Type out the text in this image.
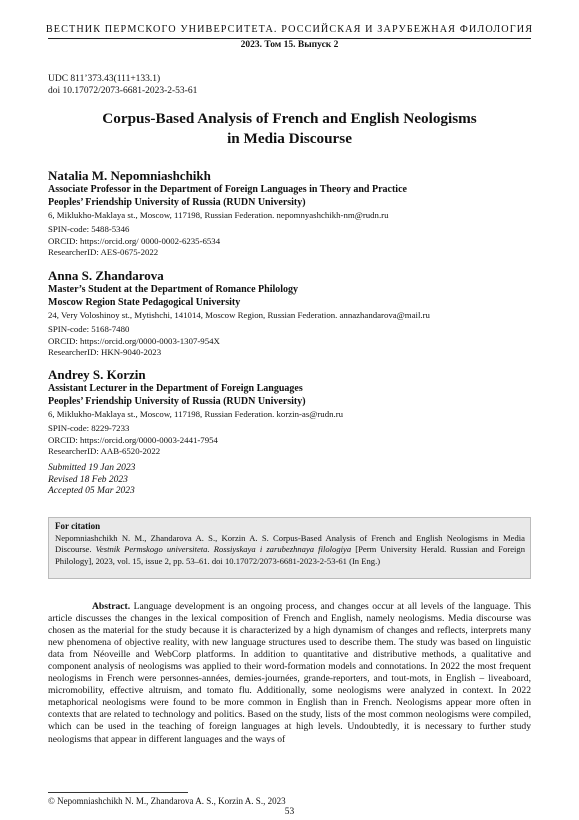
ВЕСТНИК ПЕРМСКОГО УНИВЕРСИТЕТА. РОССИЙСКАЯ И ЗАРУБЕЖНАЯ ФИЛОЛОГИЯ
2023. Том 15. Выпуск 2
UDC 811’373.43(111+133.1)
doi 10.17072/2073-6681-2023-2-53-61
Corpus-Based Analysis of French and English Neologisms
in Media Discourse
Natalia M. Nepomniashchikh
Associate Professor in the Department of Foreign Languages in Theory and Practice
Peoples’ Friendship University of Russia (RUDN University)
6, Miklukho-Maklaya st., Moscow, 117198, Russian Federation. nepomnyashchikh-nm@rudn.ru
SPIN-code: 5488-5346
ORCID: https://orcid.org/ 0000-0002-6235-6534
ResearcherID: AES-0675-2022
Anna S. Zhandarova
Master’s Student at the Department of Romance Philology
Moscow Region State Pedagogical University
24, Very Voloshinoy st., Mytishchi, 141014, Moscow Region, Russian Federation. annazhandarova@mail.ru
SPIN-code: 5168-7480
ORCID: https://orcid.org/0000-0003-1307-954X
ResearcherID: HKN-9040-2023
Andrey S. Korzin
Assistant Lecturer in the Department of Foreign Languages
Peoples’ Friendship University of Russia (RUDN University)
6, Miklukho-Maklaya st., Moscow, 117198, Russian Federation. korzin-as@rudn.ru
SPIN-code: 8229-7233
ORCID: https://orcid.org/0000-0003-2441-7954
ResearcherID: AAB-6520-2022
Submitted 19 Jan 2023
Revised 18 Feb 2023
Accepted 05 Mar 2023
For citation
Nepomniashchikh N. M., Zhandarova A. S., Korzin A. S. Corpus-Based Analysis of French and English Neologisms in Media Discourse. Vestnik Permskogo universiteta. Rossiyskaya i zarubezhnaya filologiya [Perm University Herald. Russian and Foreign Philology], 2023, vol. 15, issue 2, pp. 53–61. doi 10.17072/2073-6681-2023-2-53-61 (In Eng.)
Abstract. Language development is an ongoing process, and changes occur at all levels of the language. This article discusses the changes in the lexical composition of French and English, namely neologisms. Media discourse was chosen as the material for the study because it is characterized by a high dynamism of changes and reflects, interprets many new phenomena of objective reality, with new language structures used to describe them. The study was based on linguistic data from Néoveille and WebCorp platforms. In addition to quantitative and distributive methods, a qualitative and component analysis of neologisms was applied to their word-formation models and connotations. In 2022 the most frequent neologisms in French were personnes-années, demies-journées, grande-reporters, and tout-mots, in English – liveaboard, micromobility, effective altruism, and tomato flu. Additionally, some neologisms were analyzed in context. In 2022 metaphorical neologisms were found to be more common in English than in French. Neologisms appear more often in contexts that are related to technology and politics. Based on the study, lists of the most common neologisms were compiled, which can be used in the teaching of foreign languages at high levels. Undoubtedly, it is necessary to further study neologisms that appear in different languages and the ways of
© Nepomniashchikh N. M., Zhandarova A. S., Korzin A. S., 2023
53
